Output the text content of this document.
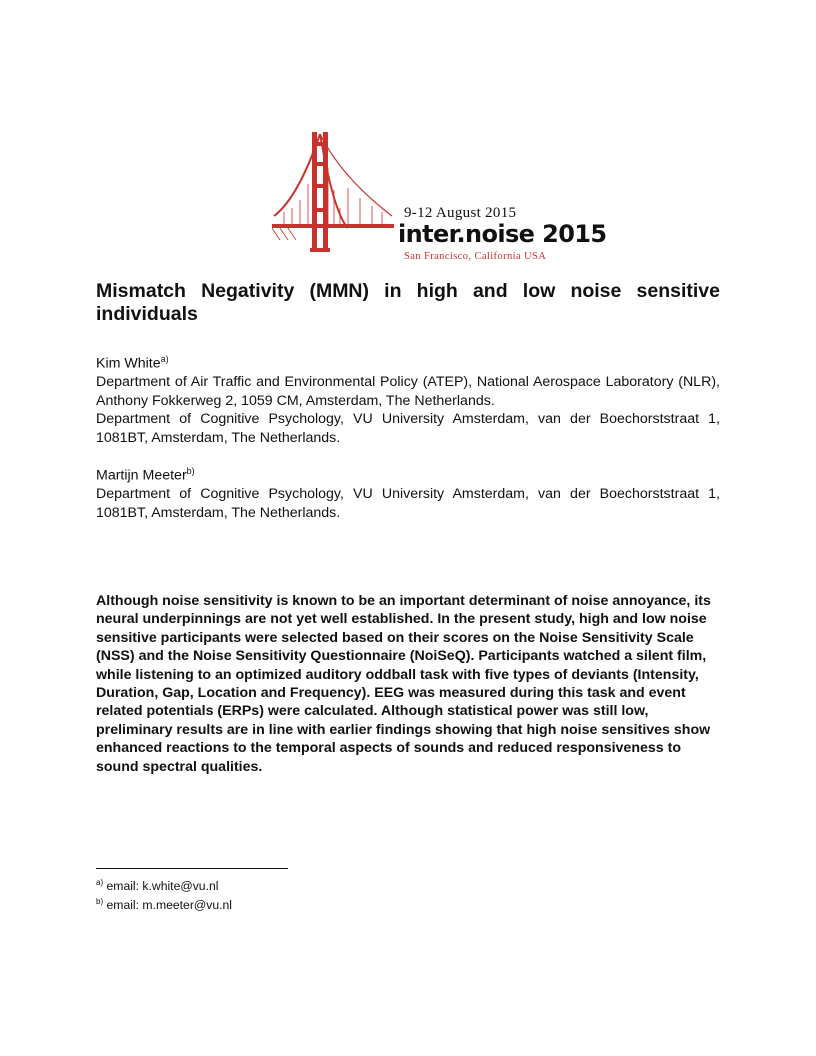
9-12 August 2015
inter.noise 2015
San Francisco, California USA
Mismatch Negativity (MMN) in high and low noise sensitive individuals
Kim White$^{a)}$
Department of Air Traffic and Environmental Policy (ATEP), National Aerospace Laboratory (NLR), Anthony Fokkerweg 2, 1059 CM, Amsterdam, The Netherlands.
Department of Cognitive Psychology, VU University Amsterdam, van der Boechorststraat 1, 1081BT, Amsterdam, The Netherlands.
Martijn Meeter$^{b)}$
Department of Cognitive Psychology, VU University Amsterdam, van der Boechorststraat 1, 1081BT, Amsterdam, The Netherlands.

Although noise sensitivity is known to be an important determinant of noise annoyance, its neural underpinnings are not yet well established. In the present study, high and low noise sensitive participants were selected based on their scores on the Noise Sensitivity Scale (NSS) and the Noise Sensitivity Questionnaire (NoiSeQ). Participants watched a silent film, while listening to an optimized auditory oddball task with five types of deviants (Intensity, Duration, Gap, Location and Frequency). EEG was measured during this task and event related potentials (ERPs) were calculated. Although statistical power was still low, preliminary results are in line with earlier findings showing that high noise sensitives show enhanced reactions to the temporal aspects of sounds and reduced responsiveness to sound spectral qualities.

$^{a)}$ email: k.white@vu.nl
$^{b)}$ email: m.meeter@vu.nl
